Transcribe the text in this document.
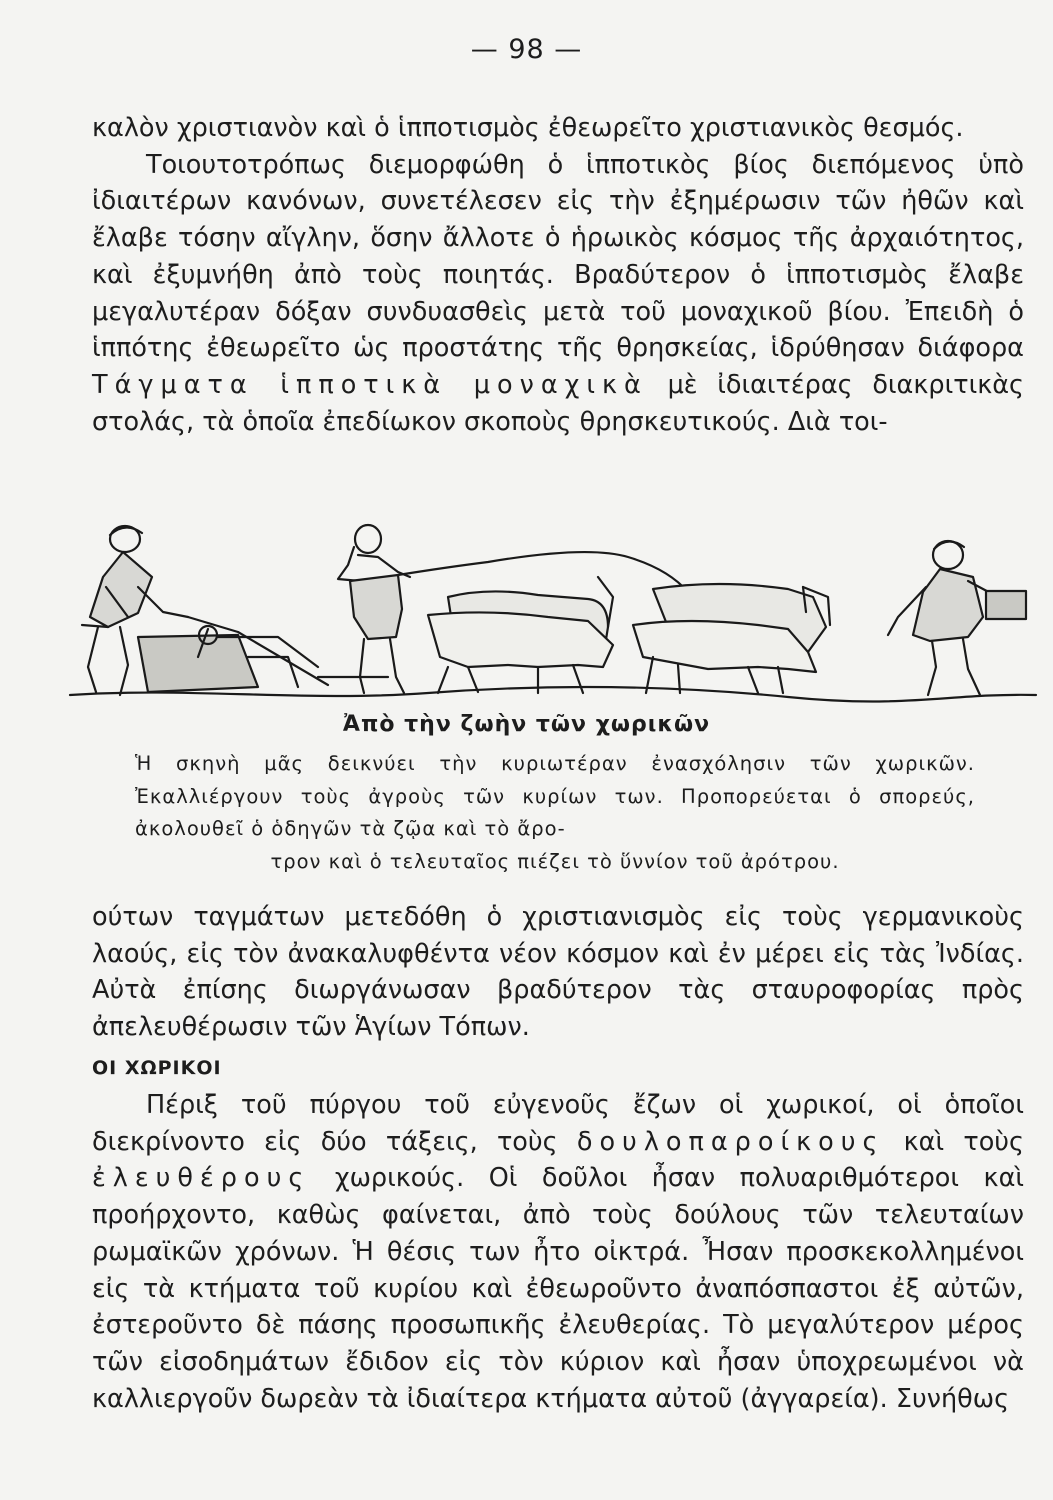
— 98 —

καλὸν χριστιανὸν καὶ ὁ ἱπποτισμὸς ἐθεωρεῖτο χριστιανικὸς θεσμός.

Τοιουτοτρόπως διεμορφώθη ὁ ἱπποτικὸς βίος διεπόμενος ὑπὸ ἰδιαιτέρων κανόνων, συνετέλεσεν εἰς τὴν ἐξημέρωσιν τῶν ἠθῶν καὶ ἔλαβε τόσην αἴγλην, ὅσην ἄλλοτε ὁ ἡρωικὸς κόσμος τῆς ἀρχαιότητος, καὶ ἐξυμνήθη ἀπὸ τοὺς ποιητάς. Βραδύτερον ὁ ἱπποτισμὸς ἔλαβε μεγαλυτέραν δόξαν συνδυασθεὶς μετὰ τοῦ μοναχικοῦ βίου. Ἐπειδὴ ὁ ἱππότης ἐθεωρεῖτο ὡς προστάτης τῆς θρησκείας, ἱδρύθησαν διάφορα Τάγματα ἱπποτικὰ μοναχικὰ μὲ ἰδιαιτέρας διακριτικὰς στολάς, τὰ ὁποῖα ἐπεδίωκον σκοποὺς θρησκευτικούς. Διὰ τοι-

Ἀπὸ τὴν ζωὴν τῶν χωρικῶν

Ἡ σκηνὴ μᾶς δεικνύει τὴν κυριωτέραν ἐνασχόλησιν τῶν χωρικῶν. Ἐκαλλιέργουν τοὺς ἀγροὺς τῶν κυρίων των. Προπορεύεται ὁ σπορεύς, ἀκολουθεῖ ὁ ὁδηγῶν τὰ ζῷα καὶ τὸ ἄρο-

τρον καὶ ὁ τελευταῖος πιέζει τὸ ὕννίον τοῦ ἀρότρου.

ούτων ταγμάτων μετεδόθη ὁ χριστιανισμὸς εἰς τοὺς γερμανικοὺς λαούς, εἰς τὸν ἀνακαλυφθέντα νέον κόσμον καὶ ἐν μέρει εἰς τὰς Ἰνδίας. Αὐτὰ ἐπίσης διωργάνωσαν βραδύτερον τὰς σταυροφορίας πρὸς ἀπελευθέρωσιν τῶν Ἁγίων Τόπων.

ΟΙ ΧΩΡΙΚΟΙ

Πέριξ τοῦ πύργου τοῦ εὐγενοῦς ἔζων οἱ χωρικοί, οἱ ὁποῖοι διεκρίνοντο εἰς δύο τάξεις, τοὺς δουλοπαροίκους καὶ τοὺς ἐλευθέρους χωρικούς. Οἱ δοῦλοι ἦσαν πολυαριθμότεροι καὶ προήρχοντο, καθὼς φαίνεται, ἀπὸ τοὺς δούλους τῶν τελευταίων ρωμαϊκῶν χρόνων. Ἡ θέσις των ἦτο οἰκτρά. Ἦσαν προσκεκολλημένοι εἰς τὰ κτήματα τοῦ κυρίου καὶ ἐθεωροῦντο ἀναπόσπαστοι ἐξ αὐτῶν, ἐστεροῦντο δὲ πάσης προσωπικῆς ἐλευθερίας. Τὸ μεγαλύτερον μέρος τῶν εἰσοδημάτων ἔδιδον εἰς τὸν κύριον καὶ ἦσαν ὑποχρεωμένοι νὰ καλλιεργοῦν δωρεὰν τὰ ἰδιαίτερα κτήματα αὐτοῦ (ἀγγαρεία). Συνήθως
